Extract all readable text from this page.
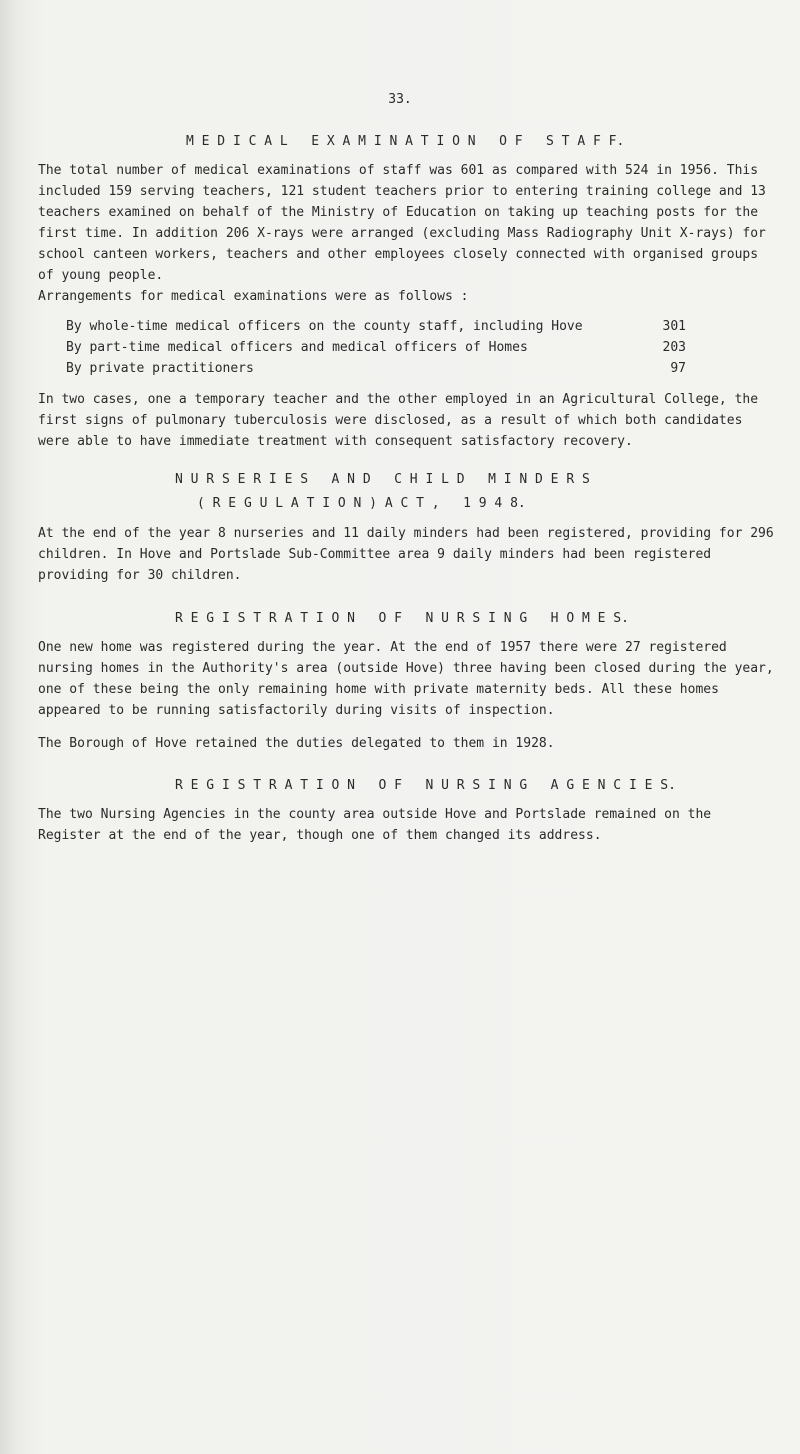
33.
M E D I C A L   E X A M I N A T I O N   O F   S T A F F.

The total number of medical examinations of staff was 601 as compared with 524 in 1956. This included 159 serving teachers, 121 student teachers prior to entering training college and 13 teachers examined on behalf of the Ministry of Education on taking up teaching posts for the first time. In addition 206 X-rays were arranged (excluding Mass Radiography Unit X-rays) for school canteen workers, teachers and other employees closely connected with organised groups of young people.

Arrangements for medical examinations were as follows :

By whole-time medical officers on the county staff, including Hove	301
By part-time medical officers and medical officers of Homes	203
By private practitioners	97

In two cases, one a temporary teacher and the other employed in an Agricultural College, the first signs of pulmonary tuberculosis were disclosed, as a result of which both candidates were able to have immediate treatment with consequent satisfactory recovery.

N U R S E R I E S   A N D   C H I L D   M I N D E R S
( R E G U L A T I O N ) A C T ,   1 9 4 8.

At the end of the year 8 nurseries and 11 daily minders had been registered, providing for 296 children. In Hove and Portslade Sub-Committee area 9 daily minders had been registered providing for 30 children.

R E G I S T R A T I O N   O F   N U R S I N G   H O M E S.

One new home was registered during the year. At the end of 1957 there were 27 registered nursing homes in the Authority's area (outside Hove) three having been closed during the year, one of these being the only remaining home with private maternity beds. All these homes appeared to be running satisfactorily during visits of inspection.

The Borough of Hove retained the duties delegated to them in 1928.

R E G I S T R A T I O N   O F   N U R S I N G   A G E N C I E S.

The two Nursing Agencies in the county area outside Hove and Portslade remained on the Register at the end of the year, though one of them changed its address.
